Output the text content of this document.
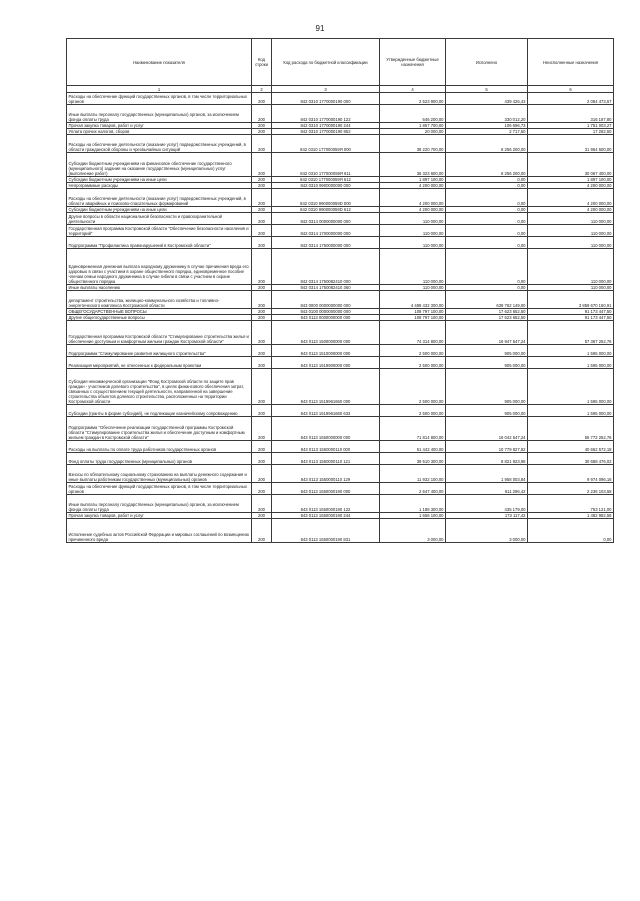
91
Наименование показателя	Код строки	Код расхода по бюджетной классификации	Утвержденные бюджетные назначения	Исполнено	Неисполненные назначения
1	2	3	4	5	6
Расходы на обеспечение функций государственных органов, в том числе территориальных органов	200	842 0310 1770000190 000	2 523 900,00	439 426,43	2 084 473,57
Иные выплаты персоналу государственных (муниципальных) органов, за исключением фонда оплаты труда	200	842 0310 1770000190 122	646 200,00	330 012,20	316 187,80
Прочая закупка товаров, работ и услуг	200	842 0310 1770000190 244	1 857 700,00	106 696,73	1 751 003,27
Уплата прочих налогов, сборов	200	842 0310 1770000190 852	20 000,00	2 717,50	17 282,50
Расходы на обеспечение деятельности (оказание услуг) подведомственных учреждений, в области гражданской обороны и чрезвычайных ситуаций	200	842 0310 177000059Я 000	38 220 700,00	6 256 200,00	31 964 500,00
Субсидии бюджетным учреждениям на финансовое обеспечение государственного (муниципального) задания на оказание государственных (муниципальных) услуг (выполнение работ)	200	842 0310 177000059Я 611	36 323 600,00	6 256 200,00	30 067 400,00
Субсидии бюджетным учреждениям на иные цели	200	842 0310 177000059Я 612	1 897 100,00	0,00	1 897 100,00
Непрограммные расходы	200	842 0310 9900000000 000	4 200 000,00	0,00	4 200 000,00
Расходы на обеспечение деятельности (оказание услуг) подведомственных учреждений, в области аварийных и поисково-спасательных формирований	200	842 0310 990000059D 000	4 200 000,00	0,00	4 200 000,00
Субсидии бюджетным учреждениям на иные цели	200	842 0310 990000059D 612	4 200 000,00	0,00	4 200 000,00
Другие вопросы в области национальной безопасности и правоохранительной деятельности	200	842 0314 0000000000 000	110 000,00	0,00	110 000,00
Государственная программа Костромской области "Обеспечение безопасности населения и территорий"	200	842 0314 1700000000 000	110 000,00	0,00	110 000,00
Подпрограмма "Профилактика правонарушений в Костромской области"	200	842 0314 1750000000 000	110 000,00	0,00	110 000,00
Единовременная денежная выплата народному дружиннику в случае причинения вреда его здоровью в связи с участием в охране общественного порядка, единовременное пособие членам семьи народного дружинника в случае гибели в связи с участием в охране общественного порядка	200	842 0314 1750082410 000	110 000,00	0,00	110 000,00
Иные выплаты населению	200	842 0314 1750082410 360	110 000,00	0,00	110 000,00
департамент строительства, жилищно-коммунального хозяйства и топливно-энергетического комплекса Костромской области	200	843 0000 0000000000 000	4 499 432 300,00	639 762 149,00	3 859 670 150,91
ОБЩЕГОСУДАРСТВЕННЫЕ ВОПРОСЫ	200	843 0100 0000000000 000	108 797 100,00	17 623 652,50	91 173 447,50
Другие общегосударственные вопросы	200	843 0113 0000000000 000	108 797 100,00	17 623 652,50	91 173 447,50
Государственная программа Костромской области "Стимулирование строительства жилья и обеспечение доступным и комфортным жильем граждан Костромской области"	200	843 0113 1500000000 000	74 314 800,00	16 947 547,24	57 367 252,76
Подпрограмма "Стимулирование развития жилищного строительства"	200	843 0113 1510000000 000	2 500 000,00	905 000,00	1 595 000,00
Реализация мероприятий, не отнесенных к федеральным проектам	200	843 0113 1519900000 000	2 500 000,00	905 000,00	1 595 000,00
Субсидия некоммерческой организации "Фонд Костромской области по защите прав граждан - участников долевого строительства", в целях финансового обеспечения затрат, связанных с осуществлением текущей деятельности, направленной на завершение строительства объектов долевого строительства, расположенных на территории Костромской области	200	843 0113 1519961660 000	2 500 000,00	905 000,00	1 595 000,00
Субсидии (гранты в форме субсидий), не подлежащие казначейскому сопровождению	200	843 0113 1519961660 633	2 500 000,00	905 000,00	1 595 000,00
Подпрограмма "Обеспечение реализации государственной программы Костромской области "Стимулирование строительства жилья и обеспечение доступным и комфортным жильем граждан в Костромской области"	200	843 0113 1550000000 000	71 814 800,00	16 042 547,24	55 772 252,76
Расходы на выплаты по оплате труда работников государственных органов	200	843 0113 1550000110 000	51 442 400,00	10 779 827,82	40 662 572,18
Фонд оплаты труда государственных (муниципальных) органов	200	843 0113 1550000110 121	39 510 300,00	8 821 823,98	30 688 476,02
Взносы по обязательному социальному страхованию на выплаты денежного содержания и иные выплаты работникам государственных (муниципальных) органов	200	843 0113 1550000110 129	11 932 100,00	1 958 003,84	9 974 096,16
Расходы на обеспечение функций государственных органов, в том числе территориальных органов	200	843 0113 1550000190 000	2 647 400,00	611 296,42	2 236 103,58
Иные выплаты персоналу государственных (муниципальных) органов, за исключением фонда оплаты труда	200	843 0113 1550000190 122	1 188 300,00	435 179,00	753 121,00
Прочая закупка товаров, работ и услуг	200	843 0113 1550000190 244	1 656 100,00	173 117,42	1 482 982,58
Исполнение судебных актов Российской Федерации и мировых соглашений по возмещению причиненного вреда	200	843 0113 1550000190 831	3 000,00	3 000,00	0,00
